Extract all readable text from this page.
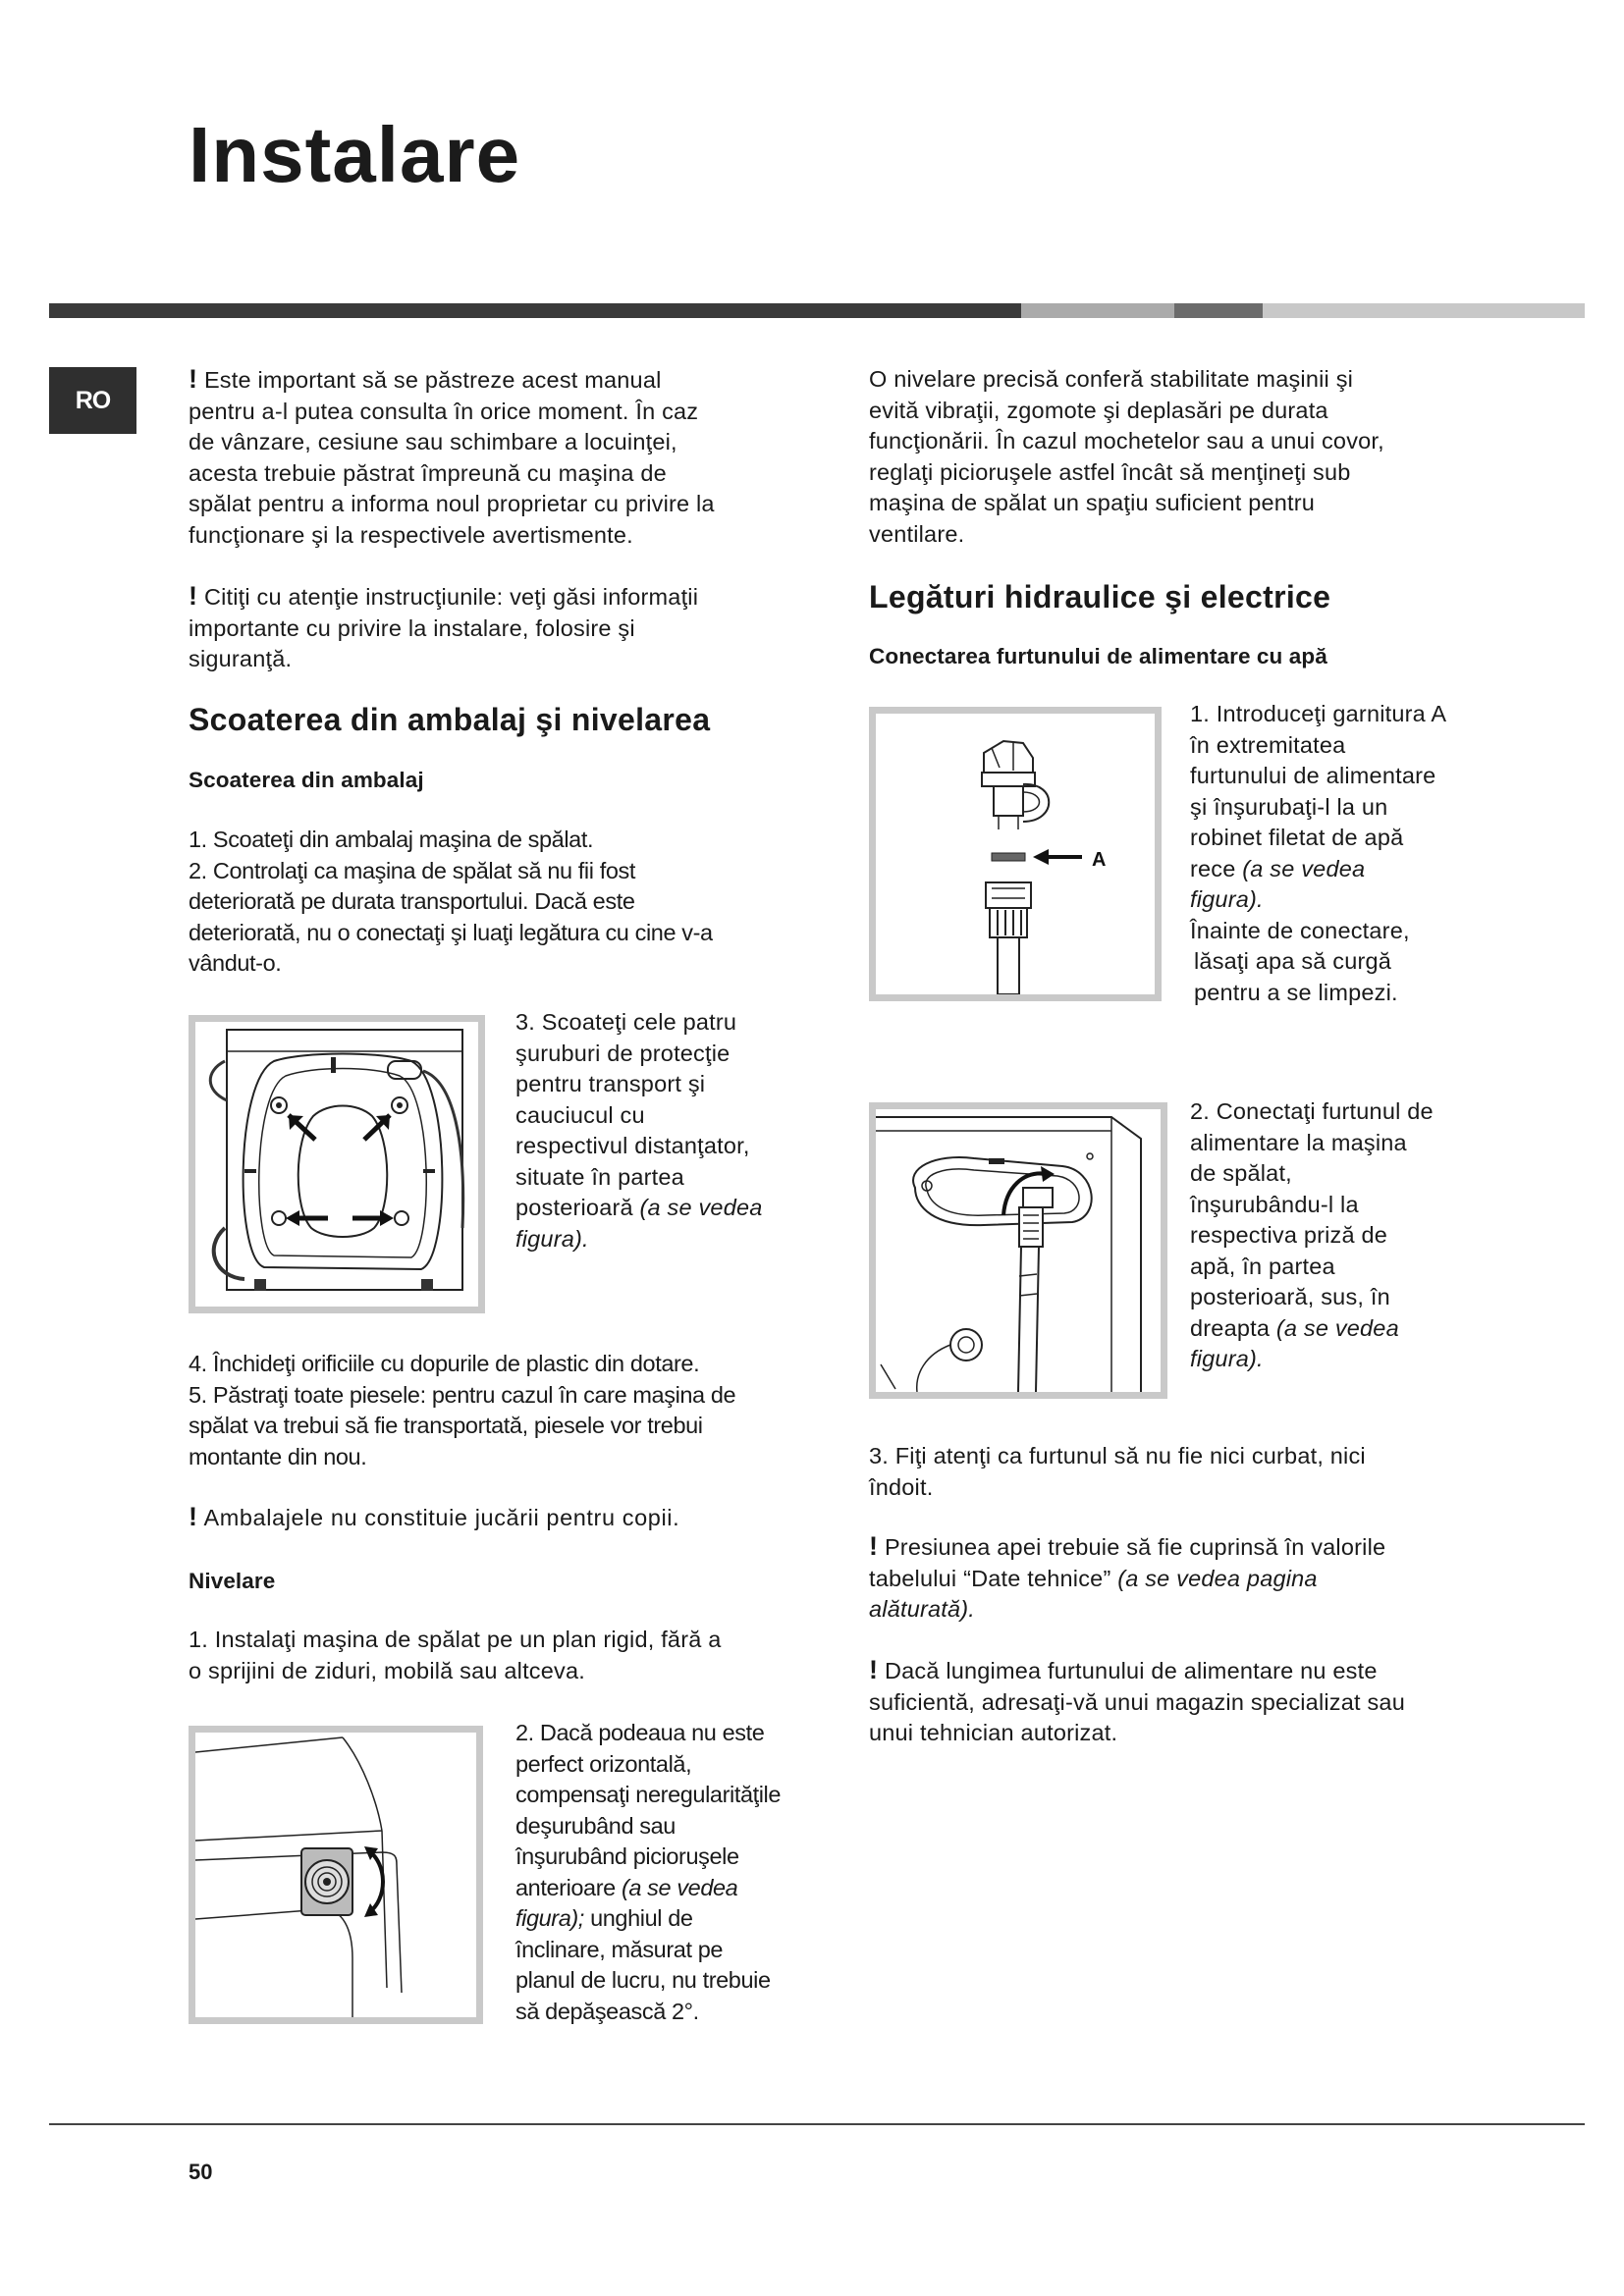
Instalare
RO

! Este important să se păstreze acest manual

pentru a-l putea consulta în orice moment. În caz

de vânzare, cesiune sau schimbare a locuinţei,

acesta trebuie păstrat împreună cu maşina de

spălat pentru a informa noul proprietar cu privire la

funcţionare şi la respectivele avertismente.

! Citiţi cu atenţie instrucţiunile: veţi găsi informaţii

importante cu privire la instalare, folosire şi

siguranţă.

Scoaterea din ambalaj şi nivelarea
Scoaterea din ambalaj

1. Scoateţi din ambalaj maşina de spălat.

2. Controlaţi ca maşina de spălat să nu fii fost

deteriorată pe durata transportului. Dacă este

deteriorată, nu o conectaţi şi luaţi legătura cu cine v-a

vândut-o.

3. Scoateţi cele patru

şuruburi de protecţie

pentru transport şi

cauciucul cu

respectivul distanţator,

situate în partea

posterioară (a se vedea

figura).

4. Închideţi orificiile cu dopurile de plastic din dotare.

5. Păstraţi toate piesele: pentru cazul în care maşina de

spălat va trebui să fie transportată, piesele vor trebui

montante din nou.

! Ambalajele nu constituie jucării pentru copii.

Nivelare

1. Instalaţi maşina de spălat pe un plan rigid, fără a

o sprijini de ziduri, mobilă sau altceva.

2. Dacă podeaua nu este

perfect orizontală,

compensaţi neregularităţile

deşurubând sau

înşurubând picioruşele

anterioare (a se vedea

figura); unghiul de

înclinare, măsurat pe

planul de lucru, nu trebuie

să depăşească 2°.

O nivelare precisă conferă stabilitate maşinii şi

evită vibraţii, zgomote şi deplasări pe durata

funcţionării. În cazul mochetelor sau a unui covor,

reglaţi picioruşele astfel încât să menţineţi sub

maşina de spălat un spaţiu suficient pentru

ventilare.

Legături hidraulice şi electrice
Conectarea furtunului de alimentare cu apă
A

1. Introduceţi garnitura A

în extremitatea

furtunului de alimentare

şi înşurubaţi-l la un

robinet filetat de apă

rece (a se vedea

figura).

Înainte de conectare,

lăsaţi apa să curgă

pentru a se limpezi.

2. Conectaţi furtunul de

alimentare la maşina

de spălat,

înşurubându-l la

respectiva priză de

apă, în partea

posterioară, sus, în

dreapta (a se vedea

figura).

3. Fiţi atenţi ca furtunul să nu fie nici curbat, nici

îndoit.

! Presiunea apei trebuie să fie cuprinsă în valorile

tabelului “Date tehnice” (a se vedea pagina

alăturată).

! Dacă lungimea furtunului de alimentare nu este

suficientă, adresaţi-vă unui magazin specializat sau

unui tehnician autorizat.

50
